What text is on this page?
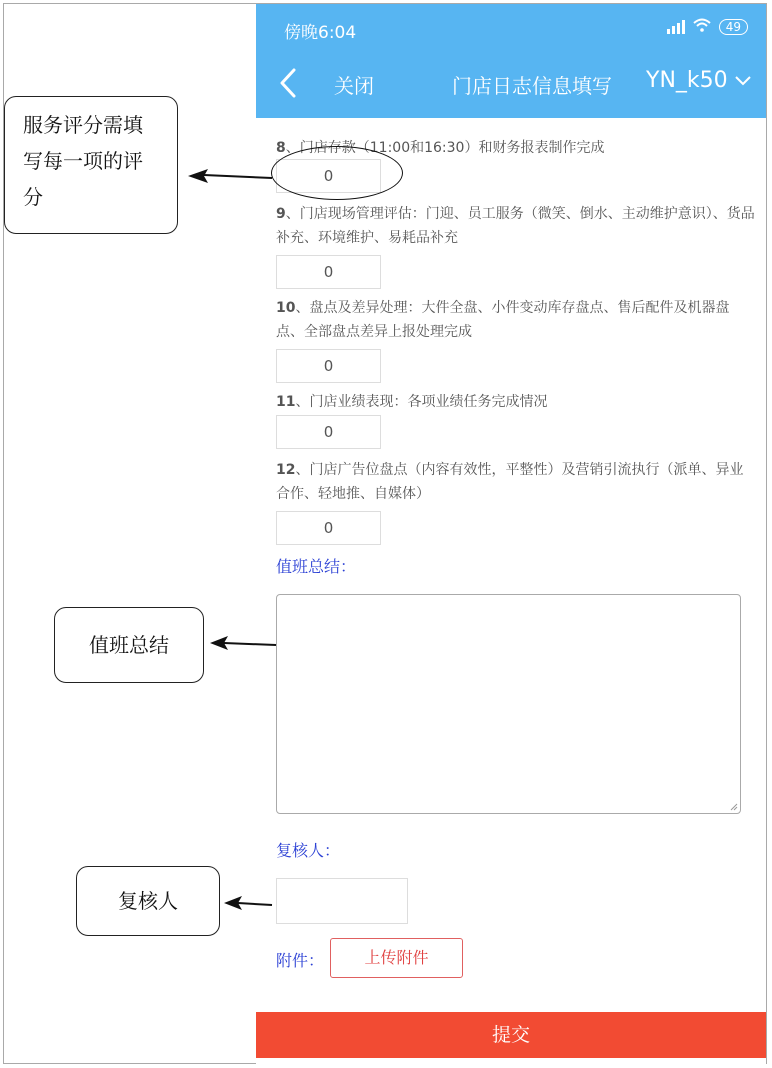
傍晚6:04	49
关闭	门店日志信息填写 YN_k50
8、门店存款（11:00和16:30）和财务报表制作完成
0
9、门店现场管理评估：门迎、员工服务（微笑、倒水、主动维护意识）、货品补充、环境维护、易耗品补充
0
10、盘点及差异处理：大件全盘、小件变动库存盘点、售后配件及机器盘点、全部盘点差异上报处理完成
0
11、门店业绩表现：各项业绩任务完成情况
0
12、门店广告位盘点（内容有效性，平整性）及营销引流执行（派单、异业合作、轻地推、自媒体）
0
值班总结：
复核人：
附件：	上传附件
提交
服务评分需填写每一项的评分
值班总结
复核人
